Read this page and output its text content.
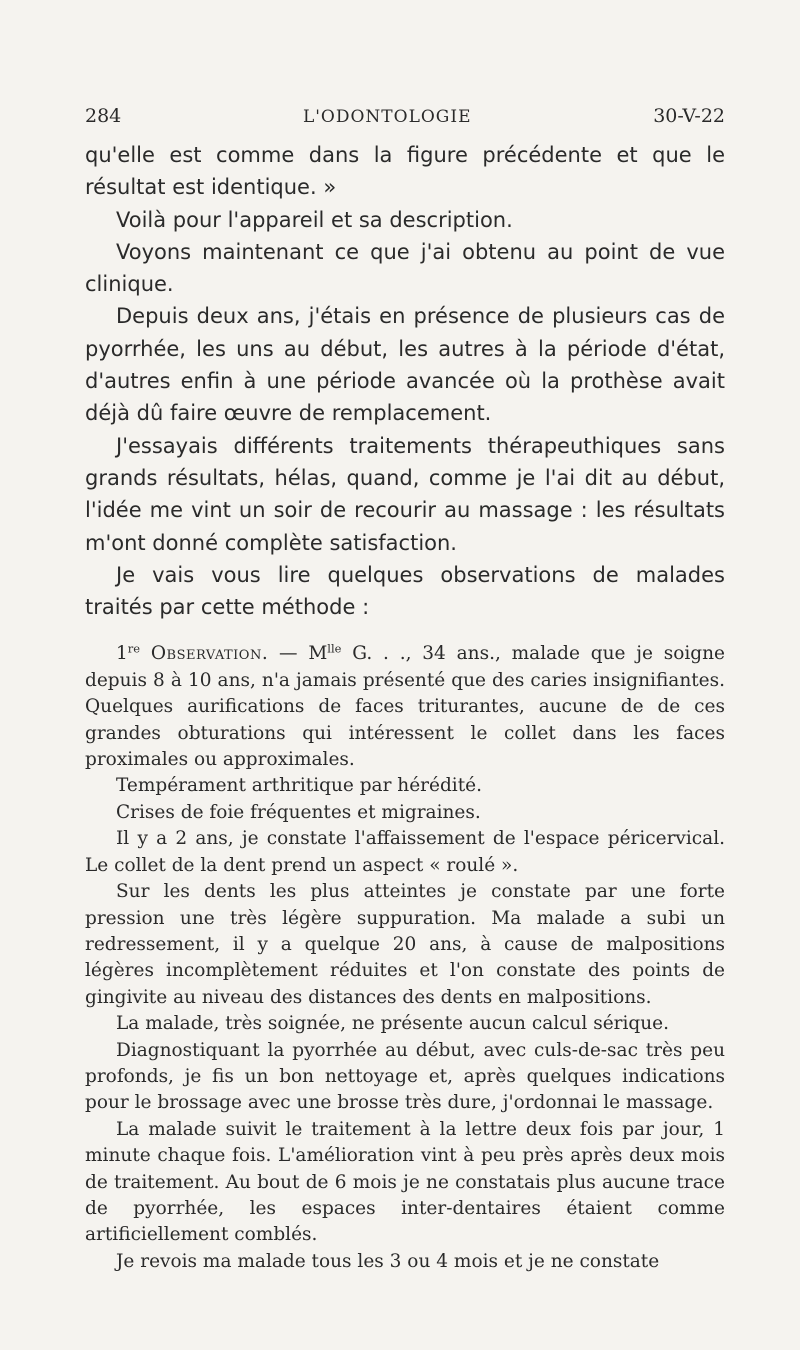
284	L'ODONTOLOGIE	30-V-22

qu'elle est comme dans la figure précédente et que le résultat est identique. »

Voilà pour l'appareil et sa description.

Voyons maintenant ce que j'ai obtenu au point de vue clinique.

Depuis deux ans, j'étais en présence de plusieurs cas de pyorrhée, les uns au début, les autres à la période d'état, d'autres enfin à une période avancée où la prothèse avait déjà dû faire œuvre de remplacement.

J'essayais différents traitements thérapeuthiques sans grands résultats, hélas, quand, comme je l'ai dit au début, l'idée me vint un soir de recourir au massage : les résultats m'ont donné complète satisfaction.

Je vais vous lire quelques observations de malades traités par cette méthode :

1re Observation. — $M^{lle}$ G. . ., 34 ans., malade que je soigne depuis 8 à 10 ans, n'a jamais présenté que des caries insignifiantes. Quelques aurifications de faces triturantes, aucune de de ces grandes obturations qui intéressent le collet dans les faces proximales ou approximales.

Tempérament arthritique par hérédité.

Crises de foie fréquentes et migraines.

Il y a 2 ans, je constate l'affaissement de l'espace péricervical. Le collet de la dent prend un aspect « roulé ».

Sur les dents les plus atteintes je constate par une forte pression une très légère suppuration. Ma malade a subi un redressement, il y a quelque 20 ans, à cause de malpositions légères incomplètement réduites et l'on constate des points de gingivite au niveau des distances des dents en malpositions.

La malade, très soignée, ne présente aucun calcul sérique.

Diagnostiquant la pyorrhée au début, avec culs-de-sac très peu profonds, je fis un bon nettoyage et, après quelques indications pour le brossage avec une brosse très dure, j'ordonnai le massage.

La malade suivit le traitement à la lettre deux fois par jour, 1 minute chaque fois. L'amélioration vint à peu près après deux mois de traitement. Au bout de 6 mois je ne constatais plus aucune trace de pyorrhée, les espaces inter-dentaires étaient comme artificiellement comblés.

Je revois ma malade tous les 3 ou 4 mois et je ne constate
